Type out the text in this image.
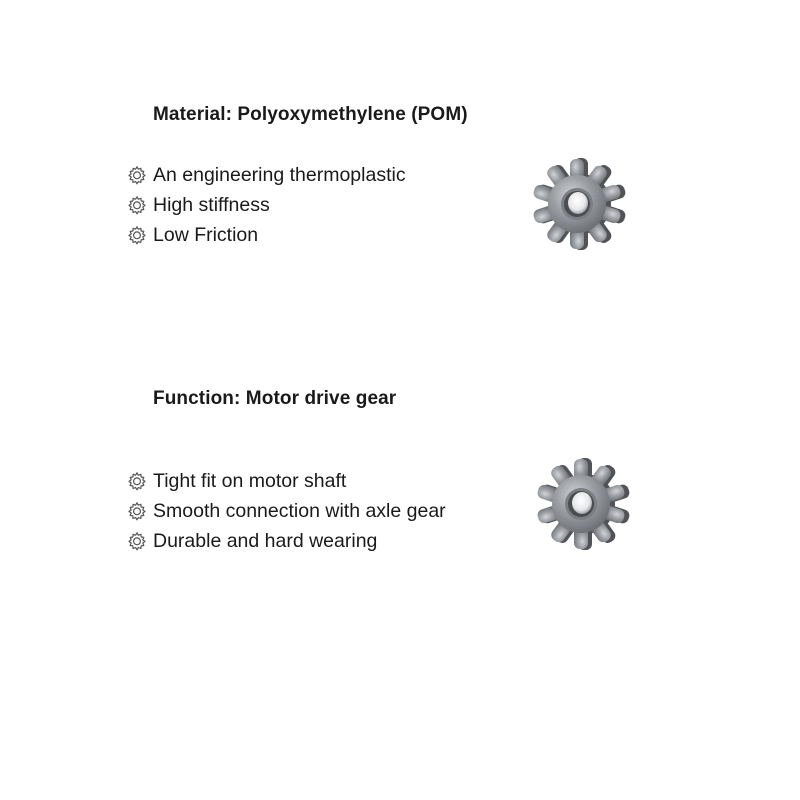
Material: Polyoxymethylene (POM)
An engineering thermoplastic
High stiffness
Low Friction
Function: Motor drive gear
Tight fit on motor shaft
Smooth connection with axle gear
Durable and hard wearing
